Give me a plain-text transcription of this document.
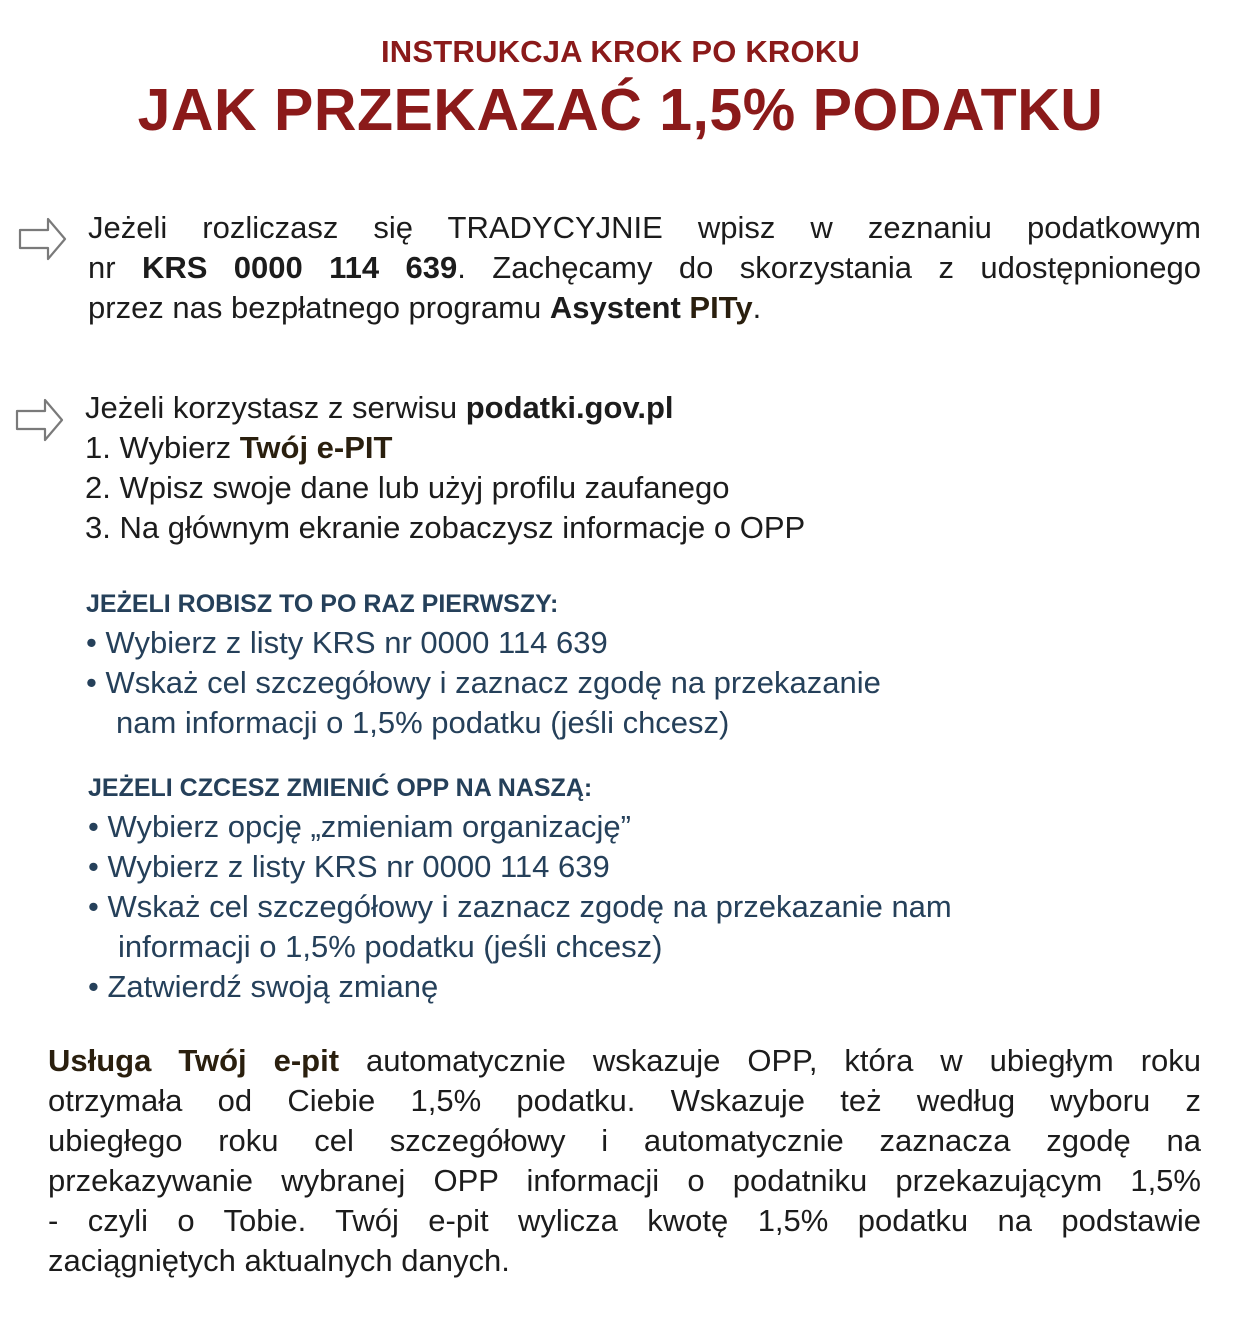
INSTRUKCJA KROK PO KROKU
JAK PRZEKAZAĆ 1,5% PODATKU
Jeżeli rozliczasz się TRADYCYJNIE wpisz w zeznaniu podatkowym
nr KRS 0000 114 639. Zachęcamy do skorzystania z udostępnionego
przez nas bezpłatnego programu Asystent PITy.
Jeżeli korzystasz z serwisu podatki.gov.pl
1. Wybierz Twój e-PIT
2. Wpisz swoje dane lub użyj profilu zaufanego
3. Na głównym ekranie zobaczysz informacje o OPP
JEŻELI ROBISZ TO PO RAZ PIERWSZY:
• Wybierz z listy KRS nr 0000 114 639
• Wskaż cel szczegółowy i zaznacz zgodę na przekazanie
nam informacji o 1,5% podatku (jeśli chcesz)
JEŻELI CZCESZ ZMIENIĆ OPP NA NASZĄ:
• Wybierz opcję „zmieniam organizację”
• Wybierz z listy KRS nr 0000 114 639
• Wskaż cel szczegółowy i zaznacz zgodę na przekazanie nam
informacji o 1,5% podatku (jeśli chcesz)
• Zatwierdź swoją zmianę
Usługa Twój e-pit automatycznie wskazuje OPP, która w ubiegłym roku
otrzymała od Ciebie 1,5% podatku. Wskazuje też według wyboru z
ubiegłego roku cel szczegółowy i automatycznie zaznacza zgodę na
przekazywanie wybranej OPP informacji o podatniku przekazującym 1,5%
- czyli o Tobie. Twój e-pit wylicza kwotę 1,5% podatku na podstawie
zaciągniętych aktualnych danych.
